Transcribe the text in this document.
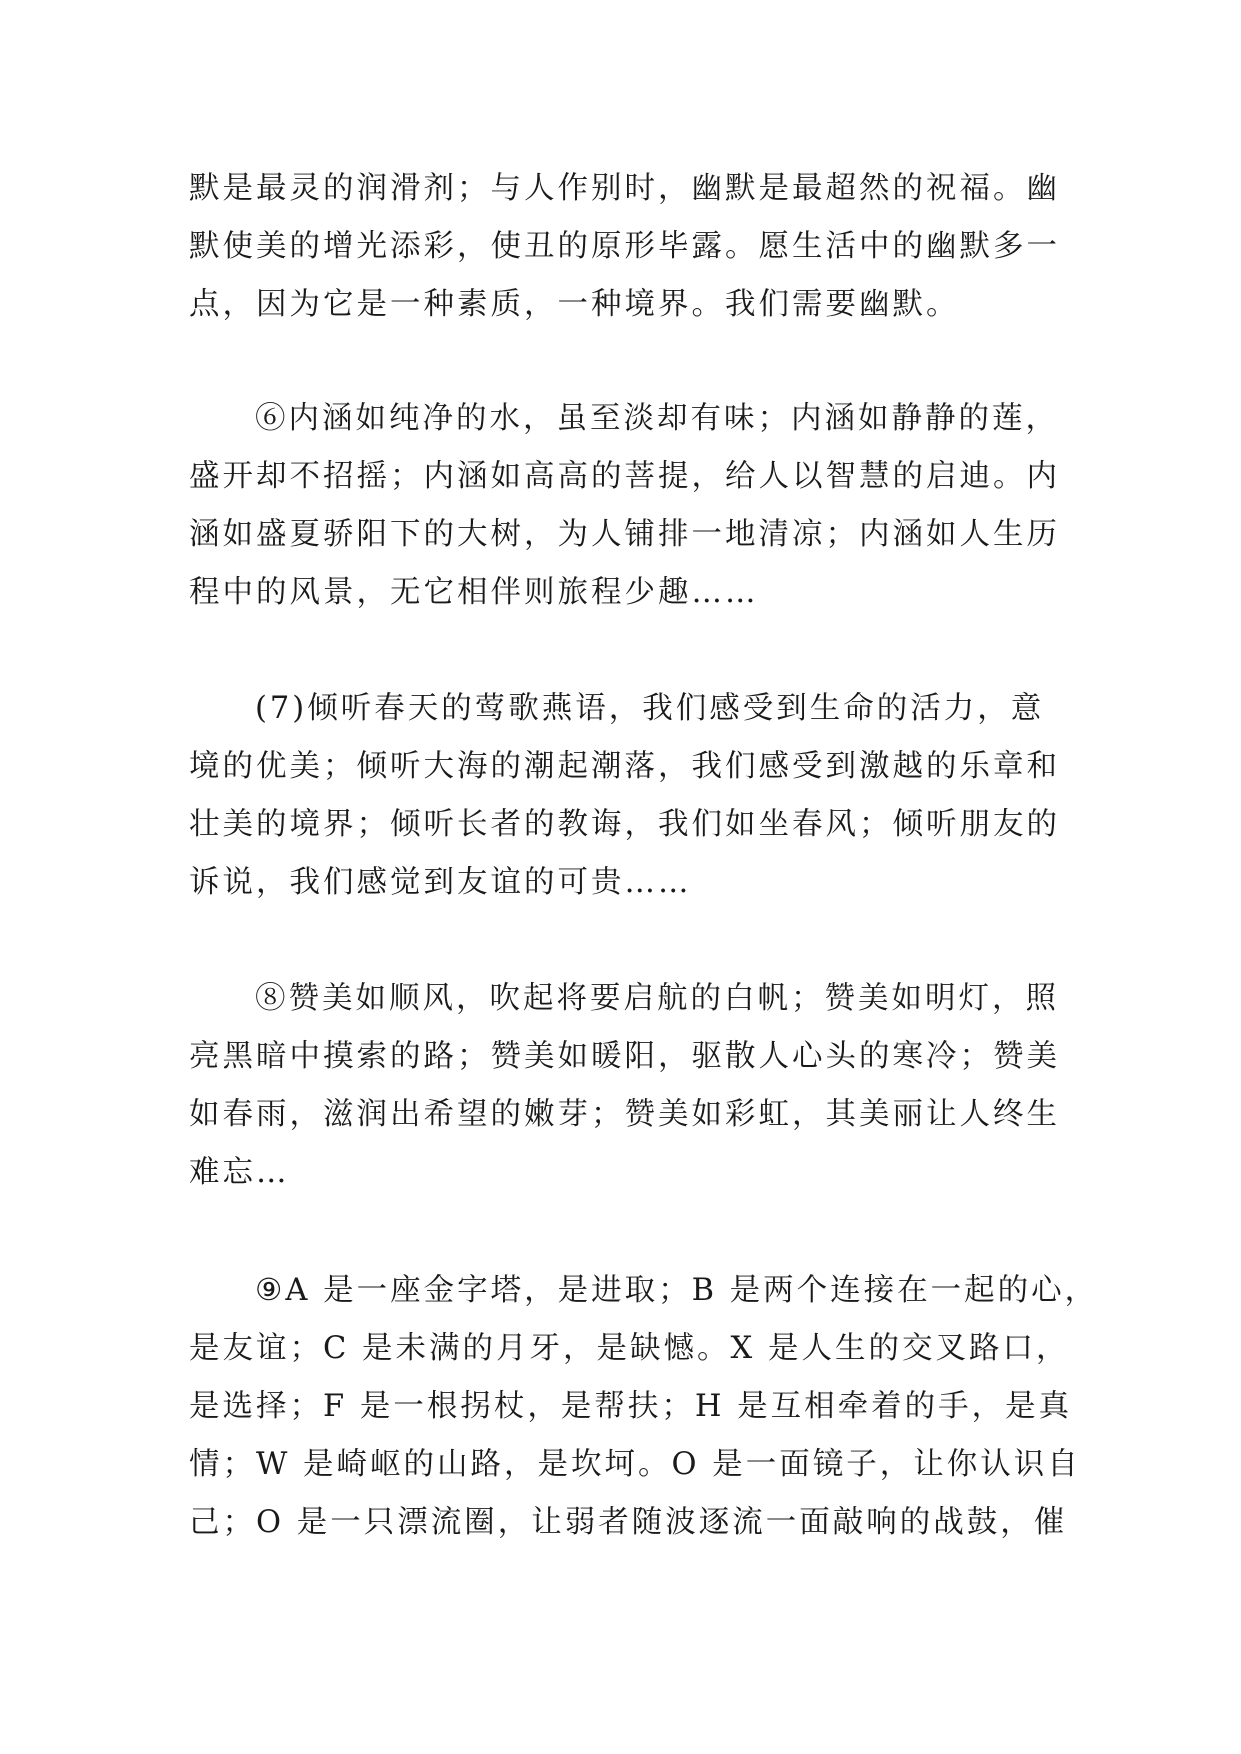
默是最灵的润滑剂；与人作别时，幽默是最超然的祝福。幽
默使美的增光添彩，使丑的原形毕露。愿生活中的幽默多一
点，因为它是一种素质，一种境界。我们需要幽默。
⑥内涵如纯净的水，虽至淡却有味；内涵如静静的莲，
盛开却不招摇；内涵如高高的菩提，给人以智慧的启迪。内
涵如盛夏骄阳下的大树，为人铺排一地清凉；内涵如人生历
程中的风景，无它相伴则旅程少趣……
(7)倾听春天的莺歌燕语，我们感受到生命的活力，意
境的优美；倾听大海的潮起潮落，我们感受到激越的乐章和
壮美的境界；倾听长者的教诲，我们如坐春风；倾听朋友的
诉说，我们感觉到友谊的可贵……
⑧赞美如顺风，吹起将要启航的白帆；赞美如明灯，照
亮黑暗中摸索的路；赞美如暖阳，驱散人心头的寒冷；赞美
如春雨，滋润出希望的嫩芽；赞美如彩虹，其美丽让人终生
难忘…
⑨A 是一座金字塔，是进取；B 是两个连接在一起的心，
是友谊；C 是未满的月牙，是缺憾。X 是人生的交叉路口，
是选择；F 是一根拐杖，是帮扶；H 是互相牵着的手，是真
情；W 是崎岖的山路，是坎坷。O 是一面镜子，让你认识自
己；O 是一只漂流圈，让弱者随波逐流一面敲响的战鼓，催
